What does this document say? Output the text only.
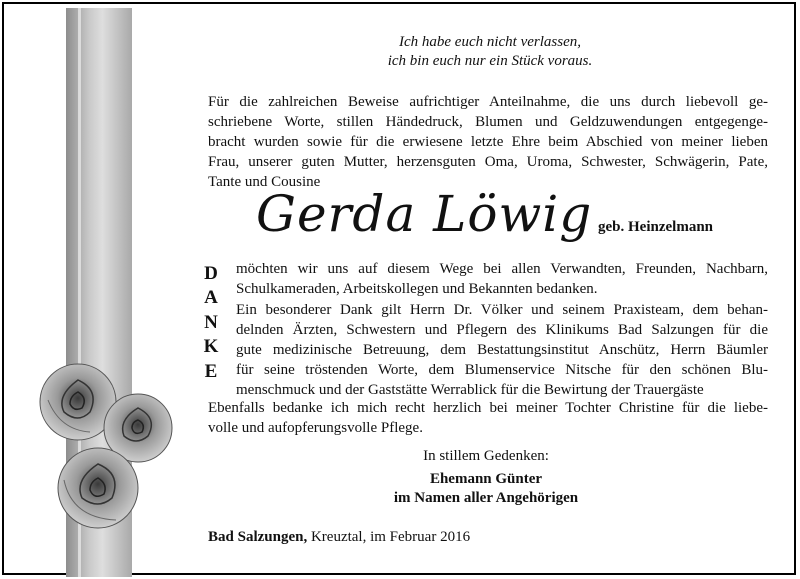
Ich habe euch nicht verlassen,
ich bin euch nur ein Stück voraus.
Für die zahlreichen Beweise aufrichtiger Anteilnahme, die uns durch liebevoll ge-
schriebene Worte, stillen Händedruck, Blumen und Geldzuwendungen entgegenge-
bracht wurden sowie für die erwiesene letzte Ehre beim Abschied von meiner lieben
Frau, unserer guten Mutter, herzensguten Oma, Uroma, Schwester, Schwägerin, Pate,
Tante und Cousine
Gerda Löwig geb. Heinzelmann
D
A
N
K
E
möchten wir uns auf diesem Wege bei allen Verwandten, Freunden, Nachbarn,
Schulkameraden, Arbeitskollegen und Bekannten bedanken.
Ein besonderer Dank gilt Herrn Dr. Völker und seinem Praxisteam, dem behan-
delnden Ärzten, Schwestern und Pflegern des Klinikums Bad Salzungen für die
gute medizinische Betreuung, dem Bestattungsinstitut Anschütz, Herrn Bäumler
für seine tröstenden Worte, dem Blumenservice Nitsche für den schönen Blu-
menschmuck und der Gaststätte Werrablick für die Bewirtung der Trauergäste
Ebenfalls bedanke ich mich recht herzlich bei meiner Tochter Christine für die liebe-
volle und aufopferungsvolle Pflege.
In stillem Gedenken:
Ehemann Günter
im Namen aller Angehörigen
Bad Salzungen, Kreuztal, im Februar 2016
